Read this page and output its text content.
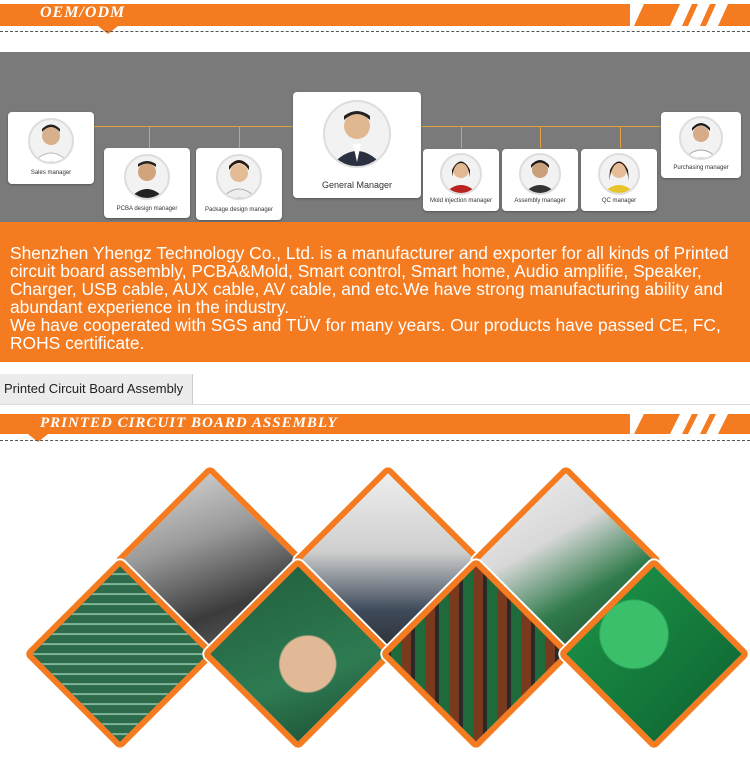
OEM/ODM
Sales manager
PCBA design manager	Package design manager
General Manager
Mold injection manager	Assembly manager	QC manager
Purchasing manager

Shenzhen Yhengz Technology Co., Ltd. is a manufacturer and exporter for all kinds of Printed circuit board assembly, PCBA&Mold, Smart control, Smart home, Audio amplifie, Speaker, Charger, USB cable, AUX cable, AV cable, and etc.We have strong manufacturing ability and abundant experience in the industry.
We have cooperated with SGS and TÜV for many years. Our products have passed CE, FC, ROHS certificate.

Printed Circuit Board Assembly
PRINTED CIRCUIT BOARD ASSEMBLY
